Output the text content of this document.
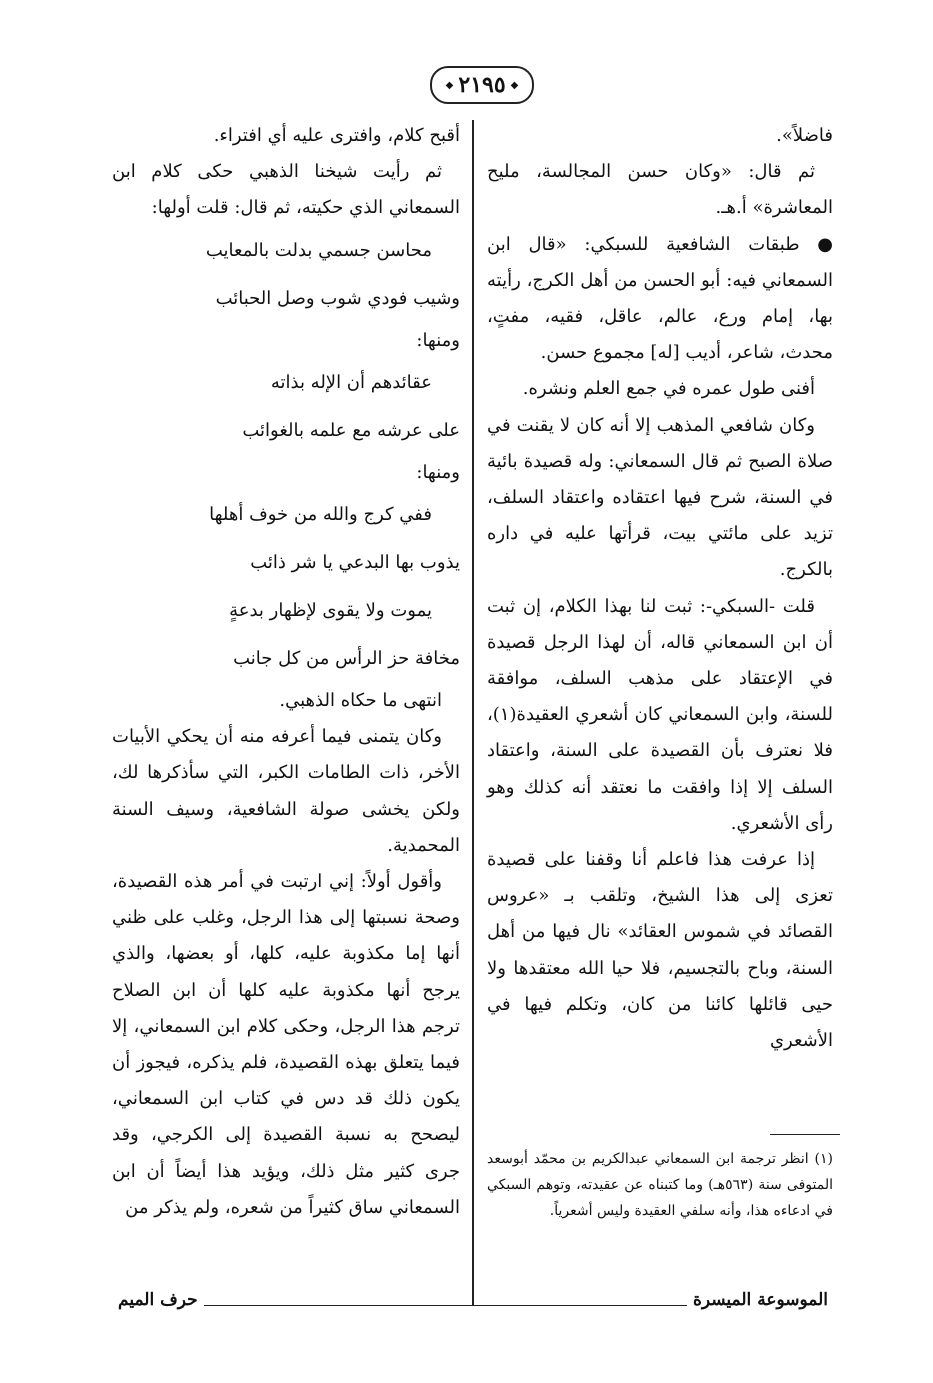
◆
٢١٩٥
◆

فاضلاً».

ثم قال: «وكان حسن المجالسة، مليح المعاشرة» أ.هـ.

● طبقات الشافعية للسبكي: «قال ابن السمعاني فيه: أبو الحسن من أهل الكرج، رأيته بها، إمام ورع، عالم، عاقل، فقيه، مفتٍ، محدث، شاعر، أديب [له] مجموع حسن.

أفنى طول عمره في جمع العلم ونشره.

وكان شافعي المذهب إلا أنه كان لا يقنت في صلاة الصبح ثم قال السمعاني: وله قصيدة بائية في السنة، شرح فيها اعتقاده واعتقاد السلف، تزيد على مائتي بيت، قرأتها عليه في داره بالكرج.

قلت -السبكي-: ثبت لنا بهذا الكلام، إن ثبت أن ابن السمعاني قاله، أن لهذا الرجل قصيدة في الإعتقاد على مذهب السلف، موافقة للسنة، وابن السمعاني كان أشعري العقيدة(١)، فلا نعترف بأن القصيدة على السنة، واعتقاد السلف إلا إذا وافقت ما نعتقد أنه كذلك وهو رأى الأشعري.

إذا عرفت هذا فاعلم أنا وقفنا على قصيدة تعزى إلى هذا الشيخ، وتلقب بـ «عروس القصائد في شموس العقائد» نال فيها من أهل السنة، وباح بالتجسيم، فلا حيا الله معتقدها ولا حيى قائلها كائنا من كان، وتكلم فيها في الأشعري

أقبح كلام، وافترى عليه أي افتراء.

ثم رأيت شيخنا الذهبي حكى كلام ابن السمعاني الذي حكيته، ثم قال: قلت أولها:

محاسن جسمي بدلت بالمعايب

وشيب فودي شوب وصل الحبائب

ومنها:

عقائدهم أن الإله بذاته

على عرشه مع علمه بالغوائب

ومنها:

ففي كرج والله من خوف أهلها

يذوب بها البدعي يا شر ذائب

يموت ولا يقوى لإظهار بدعةٍ

مخافة حز الرأس من كل جانب

انتهى ما حكاه الذهبي.

وكان يتمنى فيما أعرفه منه أن يحكي الأبيات الأخر، ذات الطامات الكبر، التي سأذكرها لك، ولكن يخشى صولة الشافعية، وسيف السنة المحمدية.

وأقول أولاً: إني ارتبت في أمر هذه القصيدة، وصحة نسبتها إلى هذا الرجل، وغلب على ظني أنها إما مكذوبة عليه، كلها، أو بعضها، والذي يرجح أنها مكذوبة عليه كلها أن ابن الصلاح ترجم هذا الرجل، وحكى كلام ابن السمعاني، إلا فيما يتعلق بهذه القصيدة، فلم يذكره، فيجوز أن يكون ذلك قد دس في كتاب ابن السمعاني، ليصحح به نسبة القصيدة إلى الكرجي، وقد جرى كثير مثل ذلك، ويؤيد هذا أيضاً أن ابن السمعاني ساق كثيراً من شعره، ولم يذكر من

(١) انظر ترجمة ابن السمعاني عبدالكريم بن محمّد أبوسعد المتوفى سنة (٥٦٣هـ) وما كتبناه عن عقيدته، وتوهم السبكي في ادعاءه هذا، وأنه سلفي العقيدة وليس أشعرياً.
الموسوعة الميسرة
حرف الميم
